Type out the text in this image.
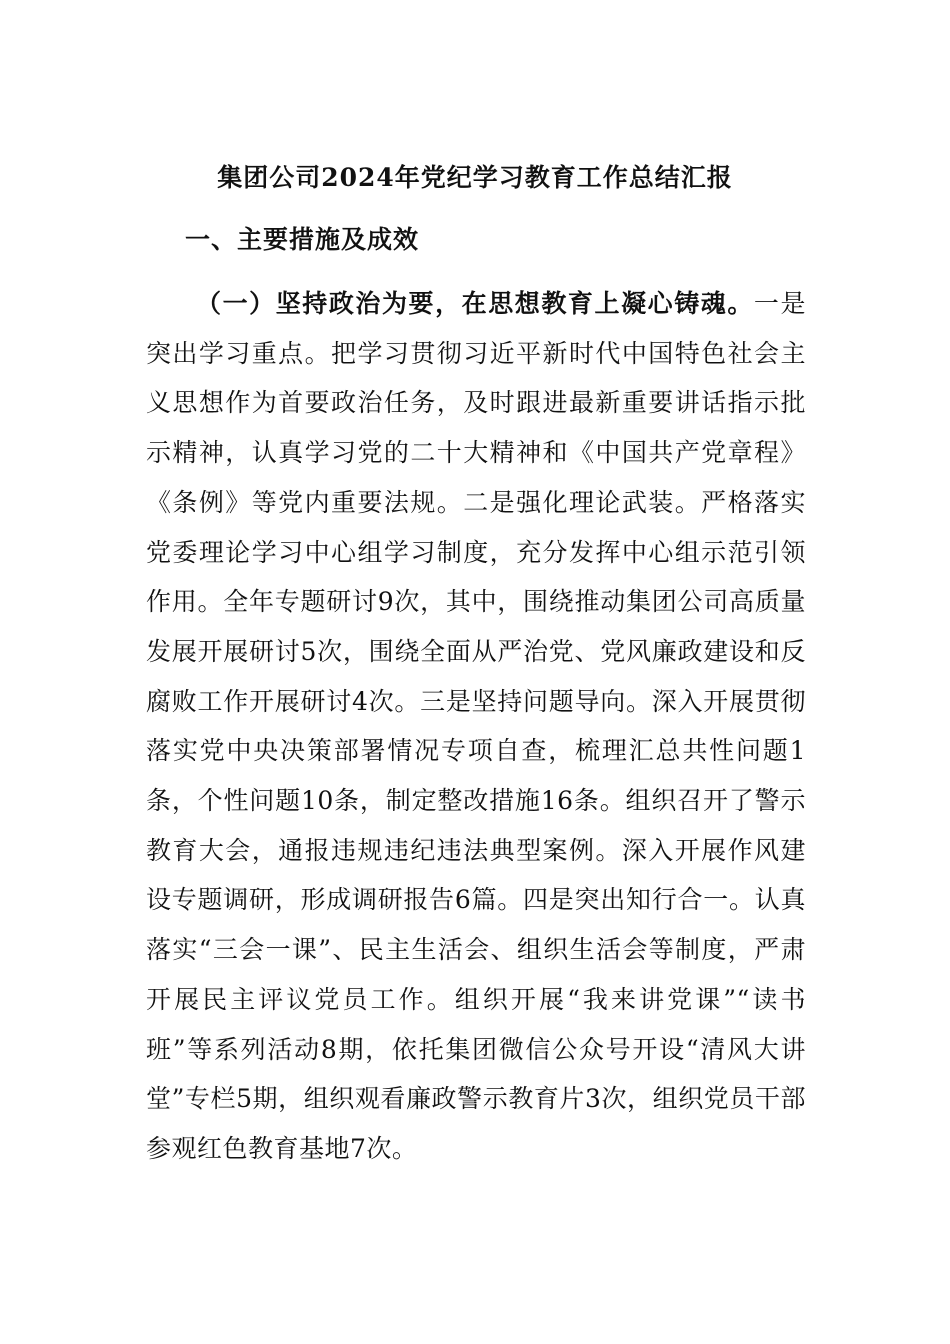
集团公司2024年党纪学习教育工作总结汇报
一、主要措施及成效

（一）坚持政治为要，在思想教育上凝心铸魂。一是突出学习重点。把学习贯彻习近平新时代中国特色社会主义思想作为首要政治任务，及时跟进最新重要讲话指示批示精神，认真学习党的二十大精神和《中国共产党章程》《条例》等党内重要法规。二是强化理论武装。严格落实党委理论学习中心组学习制度，充分发挥中心组示范引领作用。全年专题研讨9次，其中，围绕推动集团公司高质量发展开展研讨5次，围绕全面从严治党、党风廉政建设和反腐败工作开展研讨4次。三是坚持问题导向。深入开展贯彻落实党中央决策部署情况专项自查，梳理汇总共性问题1条，个性问题10条，制定整改措施16条。组织召开了警示教育大会，通报违规违纪违法典型案例。深入开展作风建设专题调研，形成调研报告6篇。四是突出知行合一。认真落实“三会一课”、民主生活会、组织生活会等制度，严肃开展民主评议党员工作。组织开展“我来讲党课”“读书班”等系列活动8期，依托集团微信公众号开设“清风大讲堂”专栏5期，组织观看廉政警示教育片3次，组织党员干部参观红色教育基地7次。
